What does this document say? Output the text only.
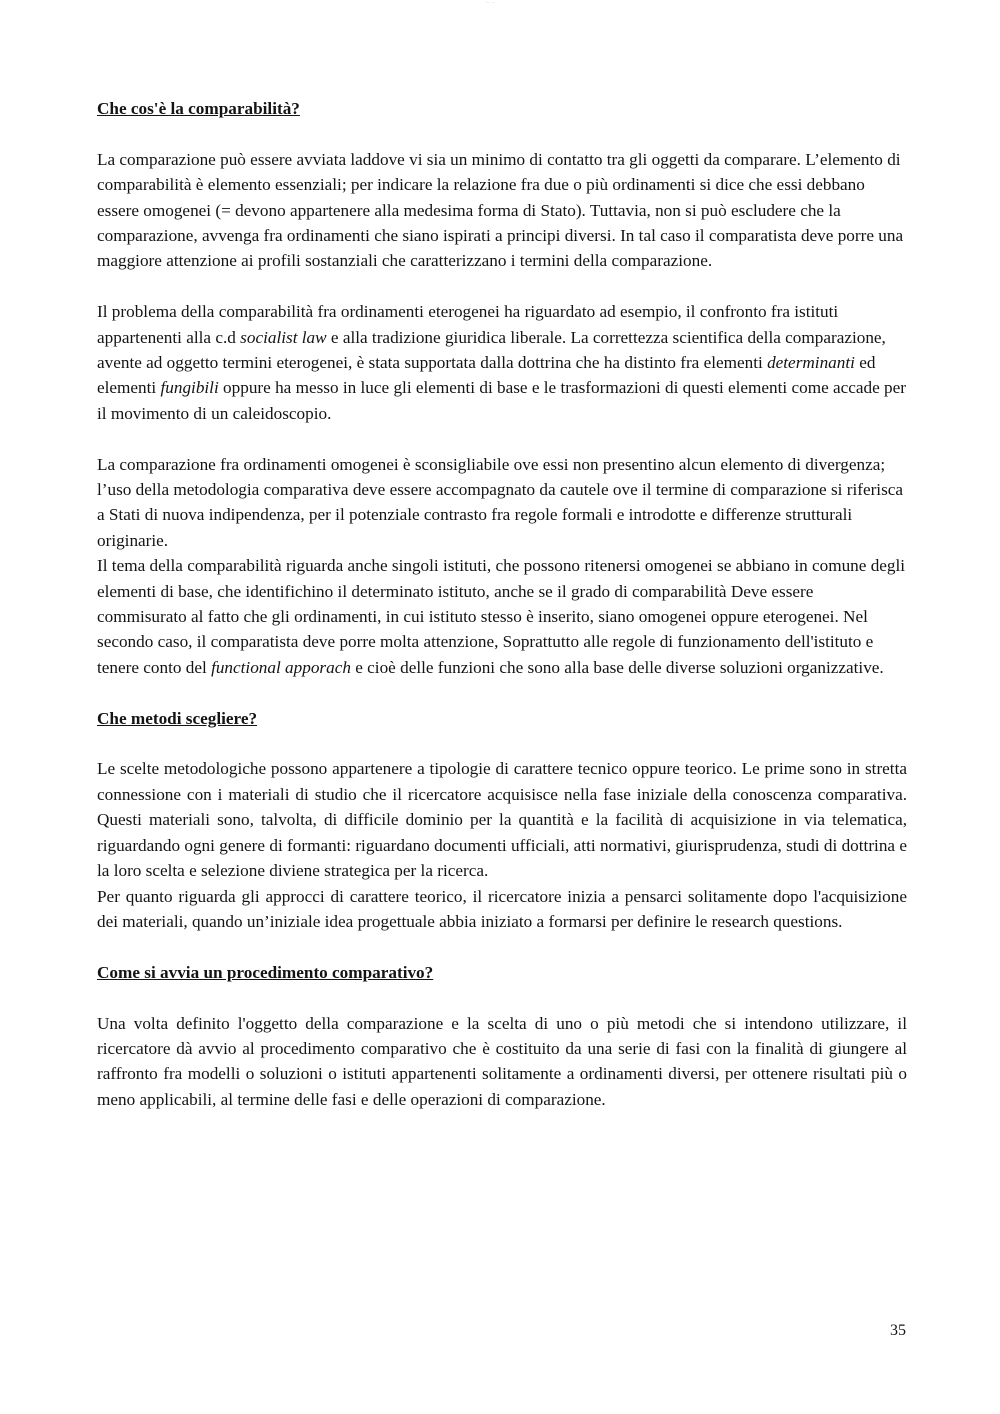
— · —
Che cos'è la comparabilità?

La comparazione può essere avviata laddove vi sia un minimo di contatto tra gli oggetti da comparare. L’elemento di comparabilità è elemento essenziali; per indicare la relazione fra due o più ordinamenti si dice che essi debbano essere omogenei (= devono appartenere alla medesima forma di Stato). Tuttavia, non si può escludere che la comparazione, avvenga fra ordinamenti che siano ispirati a principi diversi. In tal caso il comparatista deve porre una maggiore attenzione ai profili sostanziali che caratterizzano i termini della comparazione.

Il problema della comparabilità fra ordinamenti eterogenei ha riguardato ad esempio, il confronto fra istituti appartenenti alla c.d socialist law e alla tradizione giuridica liberale. La correttezza scientifica della comparazione, avente ad oggetto termini eterogenei, è stata supportata dalla dottrina che ha distinto fra elementi determinanti ed elementi fungibili oppure ha messo in luce gli elementi di base e le trasformazioni di questi elementi come accade per il movimento di un caleidoscopio.

La comparazione fra ordinamenti omogenei è sconsigliabile ove essi non presentino alcun elemento di divergenza; l’uso della metodologia comparativa deve essere accompagnato da cautele ove il termine di comparazione si riferisca a Stati di nuova indipendenza, per il potenziale contrasto fra regole formali e introdotte e differenze strutturali originarie.

Il tema della comparabilità riguarda anche singoli istituti, che possono ritenersi omogenei se abbiano in comune degli elementi di base, che identifichino il determinato istituto, anche se il grado di comparabilità Deve essere commisurato al fatto che gli ordinamenti, in cui istituto stesso è inserito, siano omogenei oppure eterogenei. Nel secondo caso, il comparatista deve porre molta attenzione, Soprattutto alle regole di funzionamento dell'istituto e tenere conto del functional apporach e cioè delle funzioni che sono alla base delle diverse soluzioni organizzative.

Che metodi scegliere?

Le scelte metodologiche possono appartenere a tipologie di carattere tecnico oppure teorico. Le prime sono in stretta connessione con i materiali di studio che il ricercatore acquisisce nella fase iniziale della conoscenza comparativa. Questi materiali sono, talvolta, di difficile dominio per la quantità e la facilità di acquisizione in via telematica, riguardando ogni genere di formanti: riguardano documenti ufficiali, atti normativi, giurisprudenza, studi di dottrina e la loro scelta e selezione diviene strategica per la ricerca.

Per quanto riguarda gli approcci di carattere teorico, il ricercatore inizia a pensarci solitamente dopo l'acquisizione dei materiali, quando un’iniziale idea progettuale abbia iniziato a formarsi per definire le research questions.

Come si avvia un procedimento comparativo?

Una volta definito l'oggetto della comparazione e la scelta di uno o più metodi che si intendono utilizzare, il ricercatore dà avvio al procedimento comparativo che è costituito da una serie di fasi con la finalità di giungere al raffronto fra modelli o soluzioni o istituti appartenenti solitamente a ordinamenti diversi, per ottenere risultati più o meno applicabili, al termine delle fasi e delle operazioni di comparazione.

35
